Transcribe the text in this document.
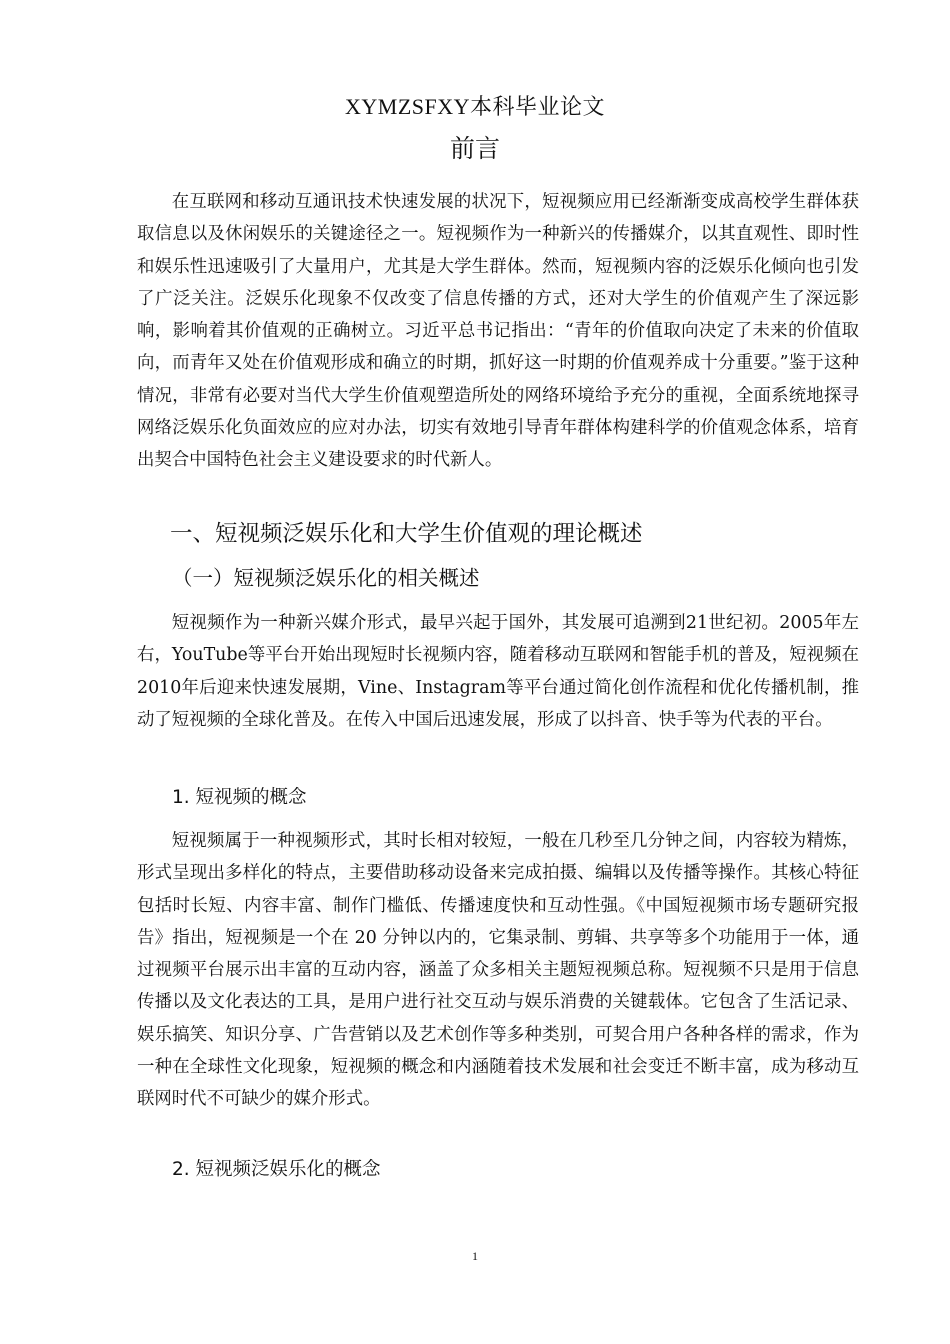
XYMZSFXY本科毕业论文
前言
在互联网和移动互通讯技术快速发展的状况下，短视频应用已经渐渐变成高校学生群体获取信息以及休闲娱乐的关键途径之一。短视频作为一种新兴的传播媒介，以其直观性、即时性和娱乐性迅速吸引了大量用户，尤其是大学生群体。然而，短视频内容的泛娱乐化倾向也引发了广泛关注。泛娱乐化现象不仅改变了信息传播的方式，还对大学生的价值观产生了深远影响，影响着其价值观的正确树立。习近平总书记指出：“青年的价值取向决定了未来的价值取向，而青年又处在价值观形成和确立的时期，抓好这一时期的价值观养成十分重要。”鉴于这种情况，非常有必要对当代大学生价值观塑造所处的网络环境给予充分的重视，全面系统地探寻网络泛娱乐化负面效应的应对办法，切实有效地引导青年群体构建科学的价值观念体系，培育出契合中国特色社会主义建设要求的时代新人。
一、短视频泛娱乐化和大学生价值观的理论概述
（一）短视频泛娱乐化的相关概述
短视频作为一种新兴媒介形式，最早兴起于国外，其发展可追溯到21世纪初。2005年左右，YouTube等平台开始出现短时长视频内容，随着移动互联网和智能手机的普及，短视频在2010年后迎来快速发展期，Vine、Instagram等平台通过简化创作流程和优化传播机制，推动了短视频的全球化普及。在传入中国后迅速发展，形成了以抖音、快手等为代表的平台。
1. 短视频的概念
短视频属于一种视频形式，其时长相对较短，一般在几秒至几分钟之间，内容较为精炼，形式呈现出多样化的特点，主要借助移动设备来完成拍摄、编辑以及传播等操作。其核心特征包括时长短、内容丰富、制作门槛低、传播速度快和互动性强。《中国短视频市场专题研究报告》指出，短视频是一个在 20 分钟以内的，它集录制、剪辑、共享等多个功能用于一体，通过视频平台展示出丰富的互动内容，涵盖了众多相关主题短视频总称。短视频不只是用于信息传播以及文化表达的工具，是用户进行社交互动与娱乐消费的关键载体。它包含了生活记录、娱乐搞笑、知识分享、广告营销以及艺术创作等多种类别，可契合用户各种各样的需求，作为一种在全球性文化现象，短视频的概念和内涵随着技术发展和社会变迁不断丰富，成为移动互联网时代不可缺少的媒介形式。
2. 短视频泛娱乐化的概念
1
